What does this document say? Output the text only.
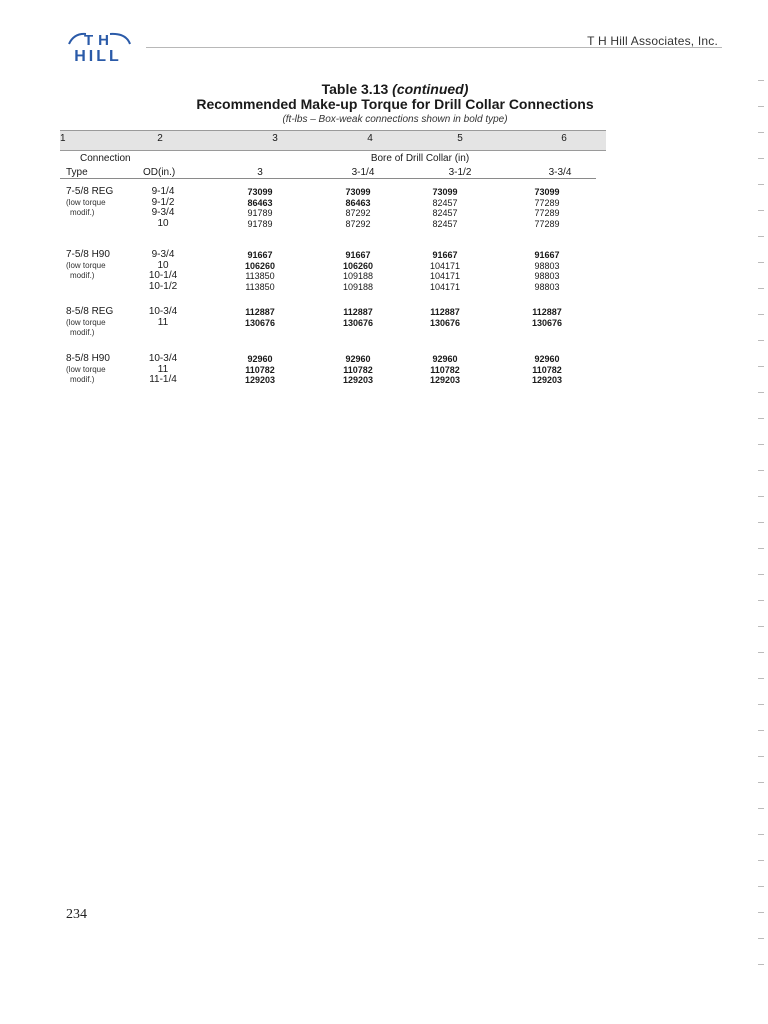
TH
HILL
T H Hill Associates, Inc.
Table 3.13 (continued)
Recommended Make-up Torque for Drill Collar Connections
(ft-lbs – Box-weak connections shown in bold type)
1	2	3	4	5	6
Connection
Type	OD(in.)
Bore of Drill Collar (in)
3	3-1/4	3-1/2	3-3/4
7-5/8 REG
(low torque
modif.)
9-1/4	73099	73099	73099	73099
9-1/2	86463	86463	82457	77289
9-3/4	91789	87292	82457	77289
10	91789	87292	82457	77289
7-5/8 H90
(low torque
modif.)
9-3/4	91667	91667	91667	91667
10	106260	106260	104171	98803
10-1/4	113850	109188	104171	98803
10-1/2	113850	109188	104171	98803
8-5/8 REG
(low torque
modif.)
10-3/4	112887	112887	112887	112887
11	130676	130676	130676	130676
8-5/8 H90
(low torque
modif.)
10-3/4	92960	92960	92960	92960
11	110782	110782	110782	110782
11-1/4	129203	129203	129203	129203
234
